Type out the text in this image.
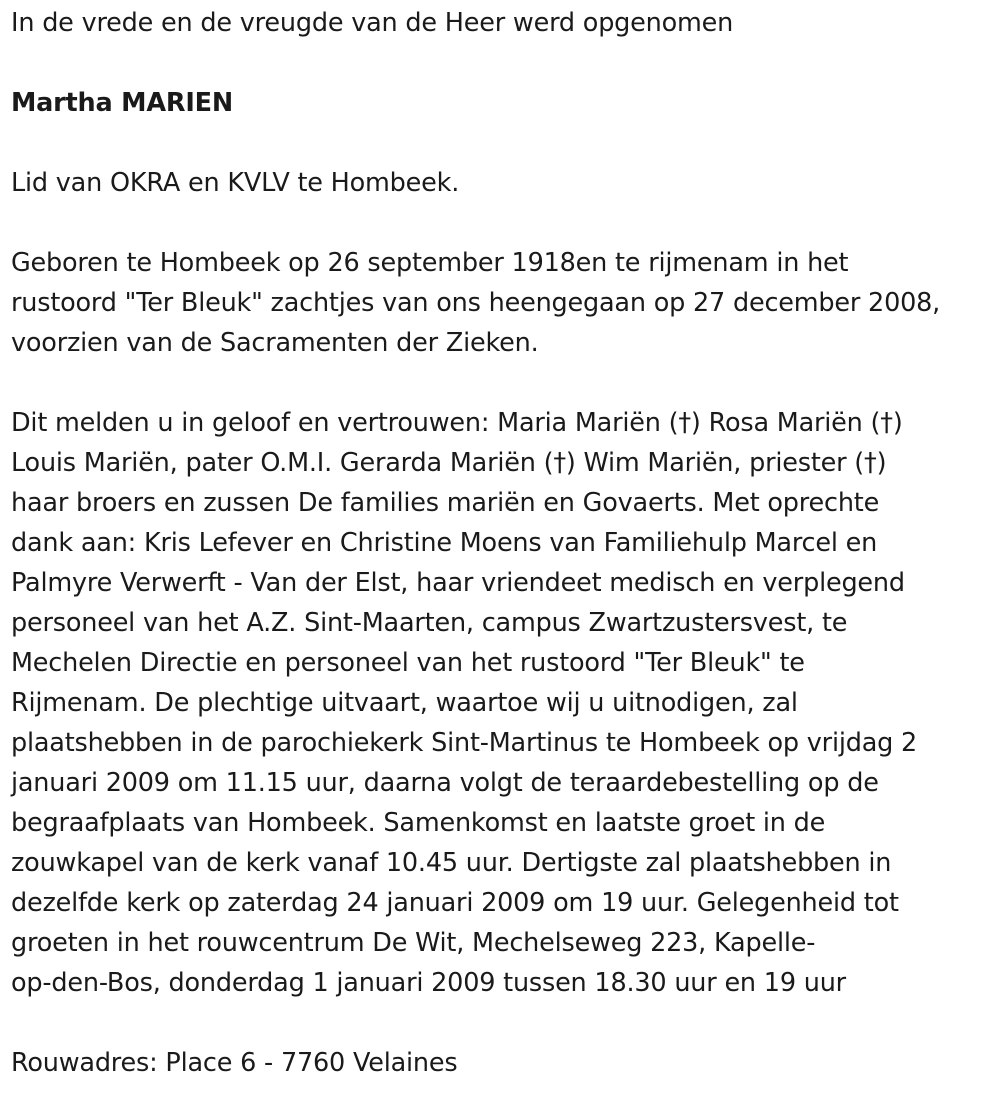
In de vrede en de vreugde van de Heer werd opgenomen
Martha MARIEN
Lid van OKRA en KVLV te Hombeek.
Geboren te Hombeek op 26 september 1918en te rijmenam in het
rustoord "Ter Bleuk" zachtjes van ons heengegaan op 27 december 2008,
voorzien van de Sacramenten der Zieken.
Dit melden u in geloof en vertrouwen: Maria Mariën (†) Rosa Mariën (†)
Louis Mariën, pater O.M.I. Gerarda Mariën (†) Wim Mariën, priester (†)
haar broers en zussen De families mariën en Govaerts. Met oprechte
dank aan: Kris Lefever en Christine Moens van Familiehulp Marcel en
Palmyre Verwerft - Van der Elst, haar vriendeet medisch en verplegend
personeel van het A.Z. Sint-Maarten, campus Zwartzustersvest, te
Mechelen Directie en personeel van het rustoord "Ter Bleuk" te
Rijmenam. De plechtige uitvaart, waartoe wij u uitnodigen, zal
plaatshebben in de parochiekerk Sint-Martinus te Hombeek op vrijdag 2
januari 2009 om 11.15 uur, daarna volgt de teraardebestelling op de
begraafplaats van Hombeek. Samenkomst en laatste groet in de
zouwkapel van de kerk vanaf 10.45 uur. Dertigste zal plaatshebben in
dezelfde kerk op zaterdag 24 januari 2009 om 19 uur. Gelegenheid tot
groeten in het rouwcentrum De Wit, Mechelseweg 223, Kapelle-
op-den-Bos, donderdag 1 januari 2009 tussen 18.30 uur en 19 uur
Rouwadres: Place 6 - 7760 Velaines
